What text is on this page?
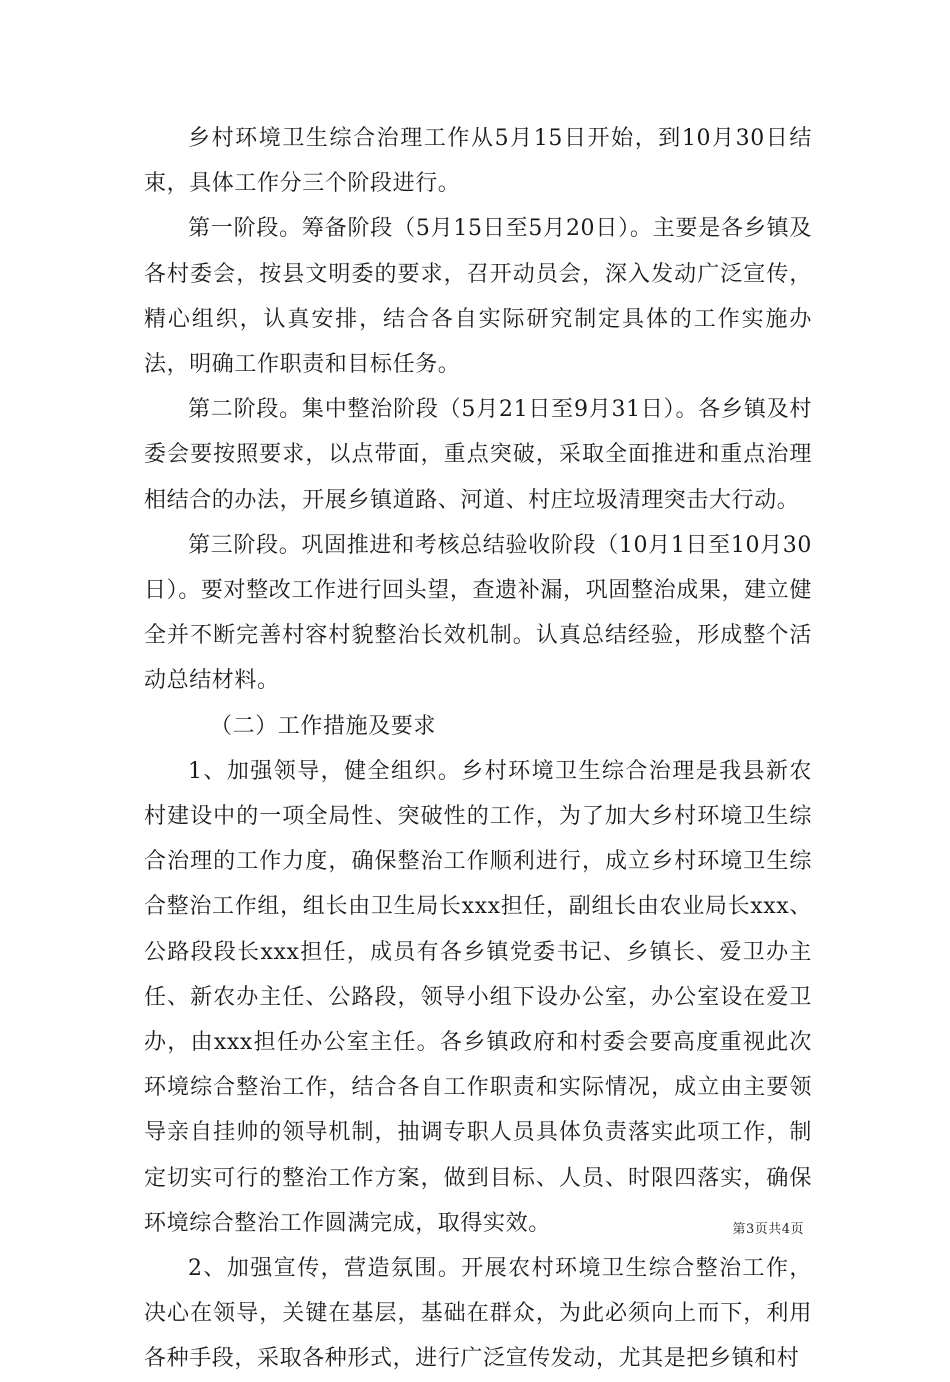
乡村环境卫生综合治理工作从5月15日开始，到10月30日结束，具体工作分三个阶段进行。

第一阶段。筹备阶段（5月15日至5月20日）。主要是各乡镇及各村委会，按县文明委的要求，召开动员会，深入发动广泛宣传，精心组织，认真安排，结合各自实际研究制定具体的工作实施办法，明确工作职责和目标任务。

第二阶段。集中整治阶段（5月21日至9月31日）。各乡镇及村委会要按照要求，以点带面，重点突破，采取全面推进和重点治理相结合的办法，开展乡镇道路、河道、村庄垃圾清理突击大行动。

第三阶段。巩固推进和考核总结验收阶段（10月1日至10月30日）。要对整改工作进行回头望，查遗补漏，巩固整治成果，建立健全并不断完善村容村貌整治长效机制。认真总结经验，形成整个活动总结材料。

（二）工作措施及要求

1、加强领导，健全组织。乡村环境卫生综合治理是我县新农村建设中的一项全局性、突破性的工作，为了加大乡村环境卫生综合治理的工作力度，确保整治工作顺利进行，成立乡村环境卫生综合整治工作组，组长由卫生局长xxx担任，副组长由农业局长xxx、公路段段长xxx担任，成员有各乡镇党委书记、乡镇长、爱卫办主任、新农办主任、公路段，领导小组下设办公室，办公室设在爱卫办，由xxx担任办公室主任。各乡镇政府和村委会要高度重视此次环境综合整治工作，结合各自工作职责和实际情况，成立由主要领导亲自挂帅的领导机制，抽调专职人员具体负责落实此项工作，制定切实可行的整治工作方案，做到目标、人员、时限四落实，确保环境综合整治工作圆满完成，取得实效。

2、加强宣传，营造氛围。开展农村环境卫生综合整治工作，决心在领导，关键在基层，基础在群众，为此必须向上而下，利用各种手段，采取各种形式，进行广泛宣传发动，尤其是把乡镇和村

第3页共4页
